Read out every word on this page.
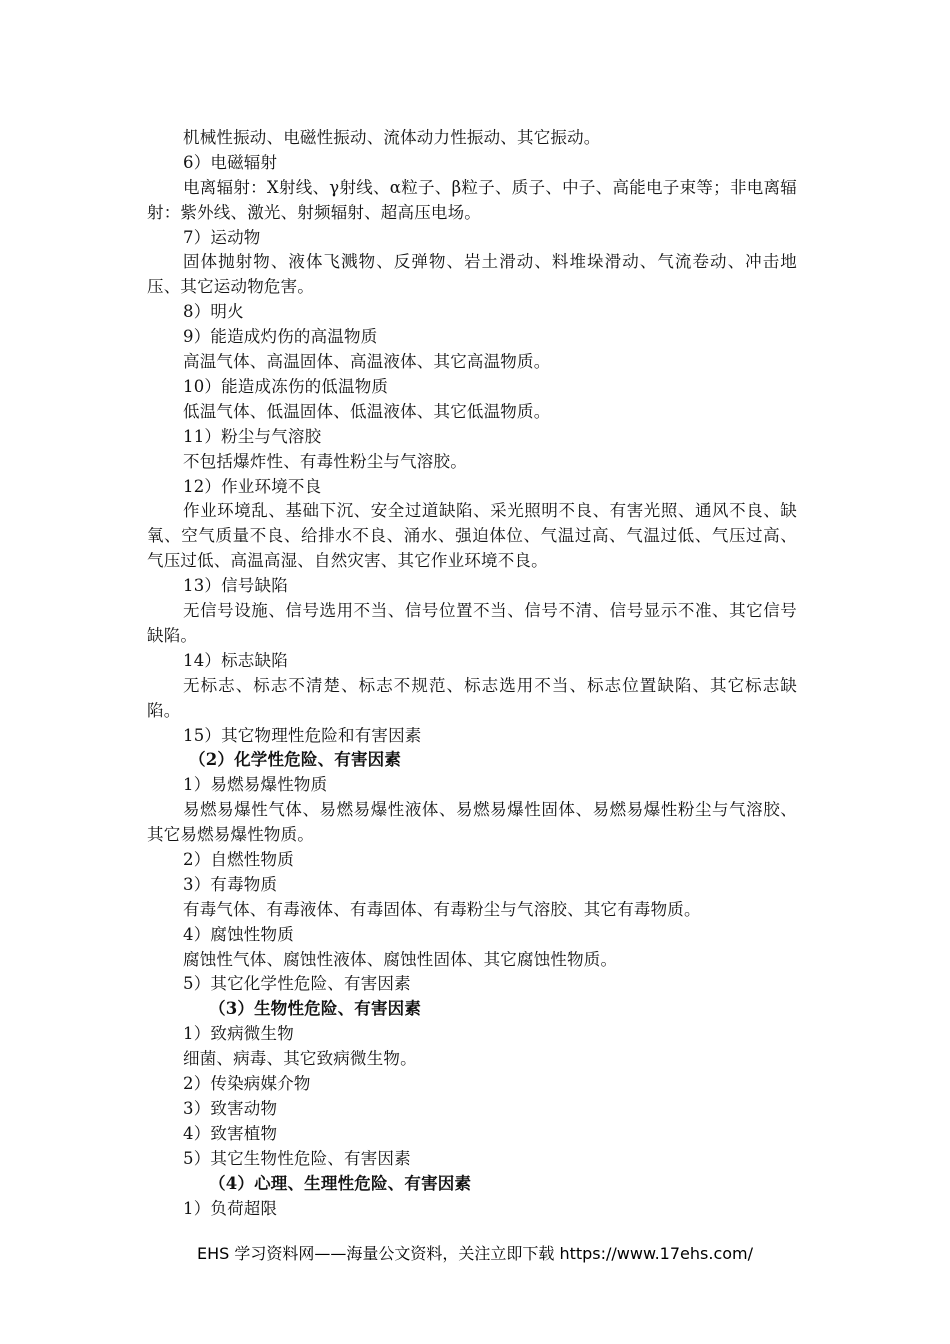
机械性振动、电磁性振动、流体动力性振动、其它振动。
6）电磁辐射
电离辐射：X射线、γ射线、α粒子、β粒子、质子、中子、高能电子束等；非电离辐射：紫外线、激光、射频辐射、超高压电场。
7）运动物
固体抛射物、液体飞溅物、反弹物、岩土滑动、料堆垛滑动、气流卷动、冲击地压、其它运动物危害。
8）明火
9）能造成灼伤的高温物质
高温气体、高温固体、高温液体、其它高温物质。
10）能造成冻伤的低温物质
低温气体、低温固体、低温液体、其它低温物质。
11）粉尘与气溶胶
不包括爆炸性、有毒性粉尘与气溶胶。
12）作业环境不良
作业环境乱、基础下沉、安全过道缺陷、采光照明不良、有害光照、通风不良、缺氧、空气质量不良、给排水不良、涌水、强迫体位、气温过高、气温过低、气压过高、气压过低、高温高湿、自然灾害、其它作业环境不良。
13）信号缺陷
无信号设施、信号选用不当、信号位置不当、信号不清、信号显示不准、其它信号缺陷。
14）标志缺陷
无标志、标志不清楚、标志不规范、标志选用不当、标志位置缺陷、其它标志缺陷。
15）其它物理性危险和有害因素
（2）化学性危险、有害因素
1）易燃易爆性物质
易燃易爆性气体、易燃易爆性液体、易燃易爆性固体、易燃易爆性粉尘与气溶胶、其它易燃易爆性物质。
2）自燃性物质
3）有毒物质
有毒气体、有毒液体、有毒固体、有毒粉尘与气溶胶、其它有毒物质。
4）腐蚀性物质
腐蚀性气体、腐蚀性液体、腐蚀性固体、其它腐蚀性物质。
5）其它化学性危险、有害因素
（3）生物性危险、有害因素
1）致病微生物
细菌、病毒、其它致病微生物。
2）传染病媒介物
3）致害动物
4）致害植物
5）其它生物性危险、有害因素
（4）心理、生理性危险、有害因素
1）负荷超限
EHS 学习资料网——海量公文资料，关注立即下载 https://www.17ehs.com/
